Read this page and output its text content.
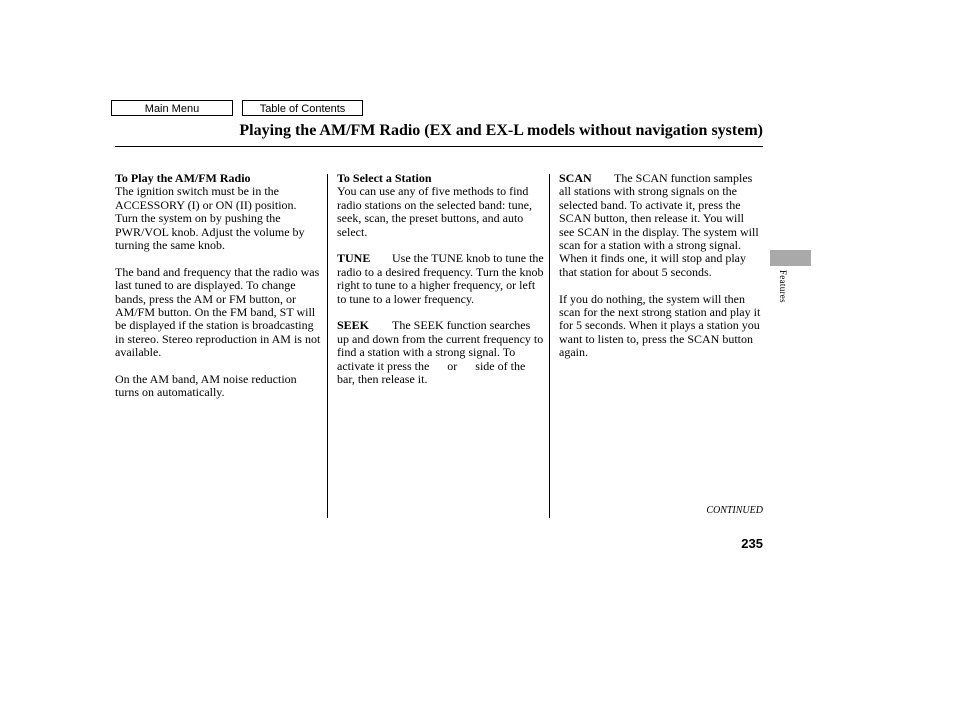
Main Menu	Table of Contents
Playing the AM/FM Radio (EX and EX-L models without navigation system)
To Play the AM/FM Radio

The ignition switch must be in the ACCESSORY (I) or ON (II) position. Turn the system on by pushing the PWR/VOL knob. Adjust the volume by turning the same knob.

The band and frequency that the radio was last tuned to are displayed. To change bands, press the AM or FM button, or AM/FM button. On the FM band, ST will be displayed if the station is broadcasting in stereo. Stereo reproduction in AM is not available.

On the AM band, AM noise reduction turns on automatically.

To Select a Station

You can use any of five methods to find radio stations on the selected band: tune, seek, scan, the preset buttons, and auto select.

TUNE Use the TUNE knob to tune the radio to a desired frequency. Turn the knob right to tune to a higher frequency, or left to tune to a lower frequency.

SEEK The SEEK function searches up and down from the current frequency to find a station with a strong signal. To activate it press the or side of the bar, then release it.

SCAN The SCAN function samples all stations with strong signals on the selected band. To activate it, press the SCAN button, then release it. You will see SCAN in the display. The system will scan for a station with a strong signal. When it finds one, it will stop and play that station for about 5 seconds.

If you do nothing, the system will then scan for the next strong station and play it for 5 seconds. When it plays a station you want to listen to, press the SCAN button again.

Features
CONTINUED
235
